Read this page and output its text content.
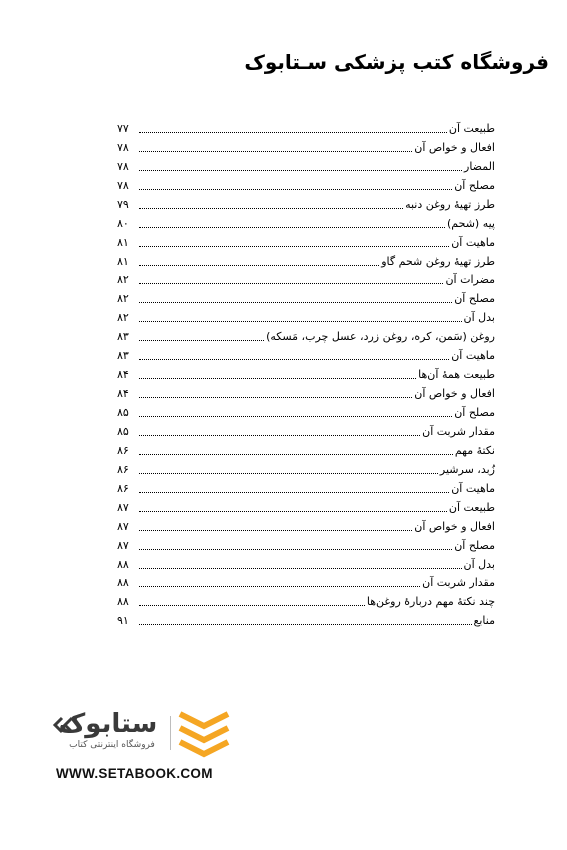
فروشگاه کتب پزشکی سـتابوک
طبیعت آن
۷۷
افعال و خواص آن
۷۸
المضار
۷۸
مصلح آن
۷۸
طرز تهیهٔ روغن دنبه
۷۹
پیه (شحم)
۸۰
ماهیت آن
۸۱
طرز تهیهٔ روغن شحم گاو
۸۱
مضرات آن
۸۲
مصلح آن
۸۲
بدل آن
۸۲
روغن (سَمن، کره، روغن زرد، عسل چرب، مَسکه)
۸۳
ماهیت آن
۸۳
طبیعت همهٔ آن‌ها
۸۴
افعال و خواص آن
۸۴
مصلح آن
۸۵
مقدار شربت آن
۸۵
نکتهٔ مهم
۸۶
زُبد، سرشیر
۸۶
ماهیت آن
۸۶
طبیعت آن
۸۷
افعال و خواص آن
۸۷
مصلح آن
۸۷
بدل آن
۸۸
مقدار شربت آن
۸۸
چند نکتهٔ مهم دربارهٔ روغن‌ها
۸۸
منابع
۹۱
ستابوک
فروشگاه اینترنتی کتاب
WWW.SETABOOK.COM
